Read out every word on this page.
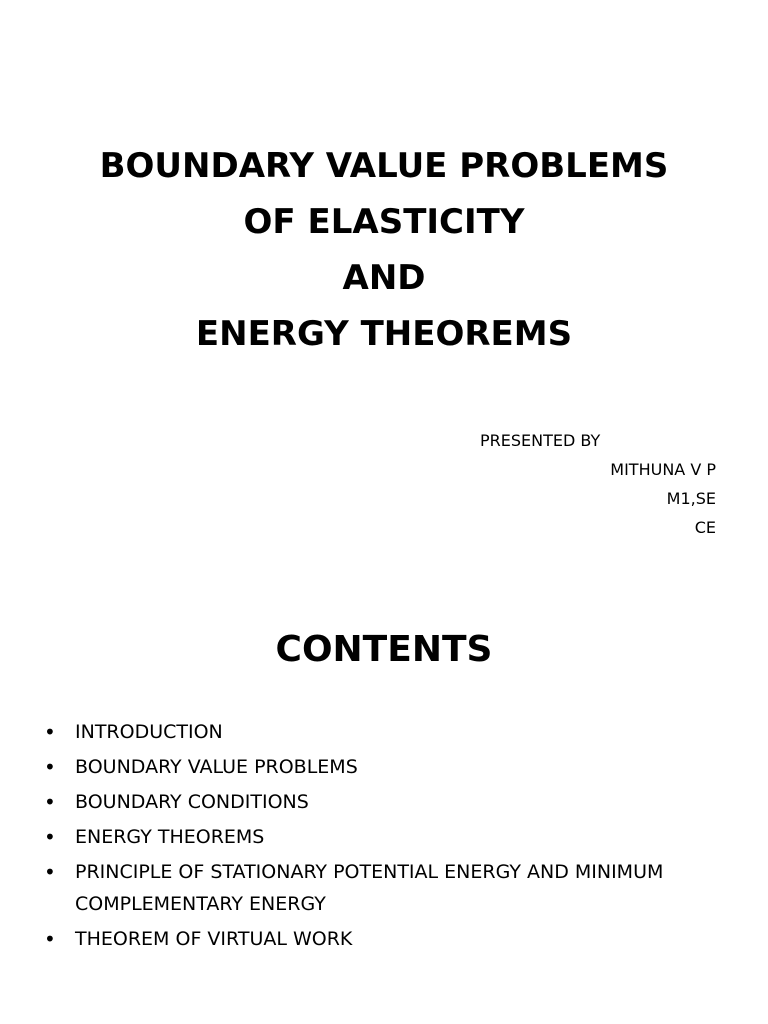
BOUNDARY VALUE PROBLEMS
OF ELASTICITY
AND
ENERGY THEOREMS
PRESENTED BY
MITHUNA V P
M1,SE
CE
CONTENTS
• INTRODUCTION
• BOUNDARY VALUE PROBLEMS
• BOUNDARY CONDITIONS
• ENERGY THEOREMS
• PRINCIPLE OF STATIONARY POTENTIAL ENERGY AND MINIMUM COMPLEMENTARY ENERGY
• THEOREM OF VIRTUAL WORK
